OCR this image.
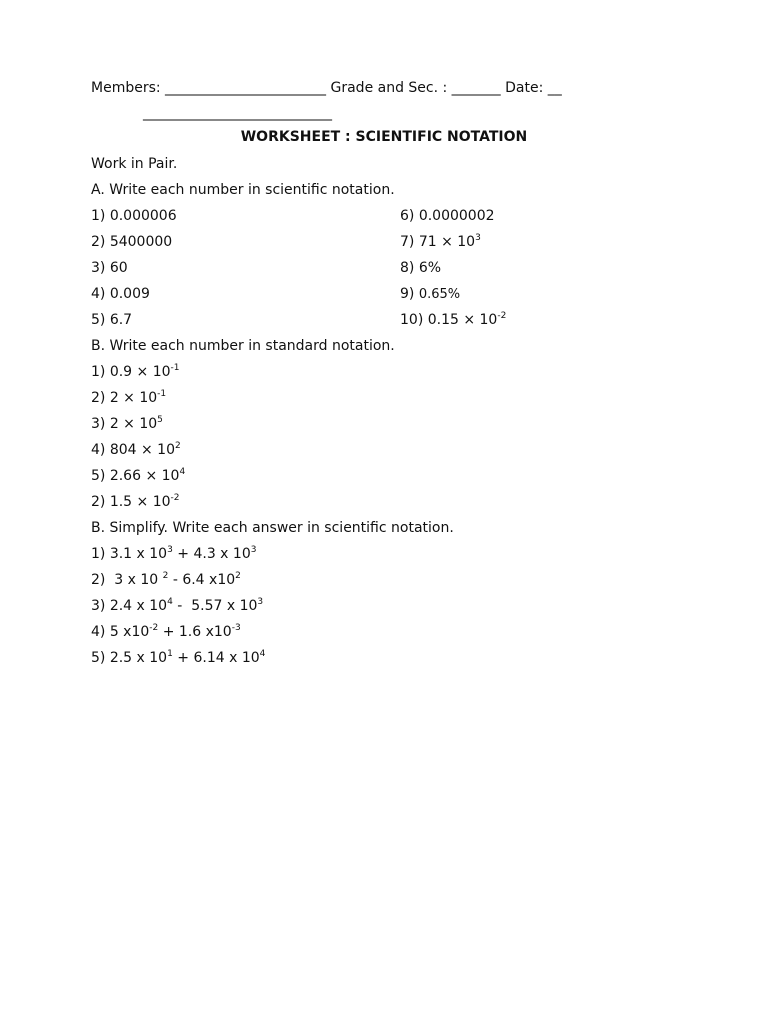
Members: _______________________ Grade and Sec. : _______ Date: __
___________________________
WORKSHEET : SCIENTIFIC NOTATION
Work in Pair.
A. Write each number in scientific notation.
1) 0.000006
2) 5400000
3) 60
4) 0.009
5) 6.7
6) 0.0000002
7) $71 \times 10^3$
8) 6%
9) 0.65%
10) $0.15 \times 10^{-2}$
B. Write each number in standard notation.
1) $0.9 \times 10^{-1}$
2) $2 \times 10^{-1}$
3) $2 \times 10^5$
4) $804 \times 10^2$
5) $2.66 \times 10^4$
2) $1.5 \times 10^{-2}$
B. Simplify. Write each answer in scientific notation.
1) 3.1 x $10^3 + 4.3$ x $10^3$
2)  3 x 10 $^2$ - 6.4 $x10^2$
3) 2.4 x $10^4 - 5.57$ x $10^3$
4) 5 $x10^{-2} + 1.6$ $x10^{-3}$
5) 2.5 x $10^1 + 6.14$ x $10^4$
